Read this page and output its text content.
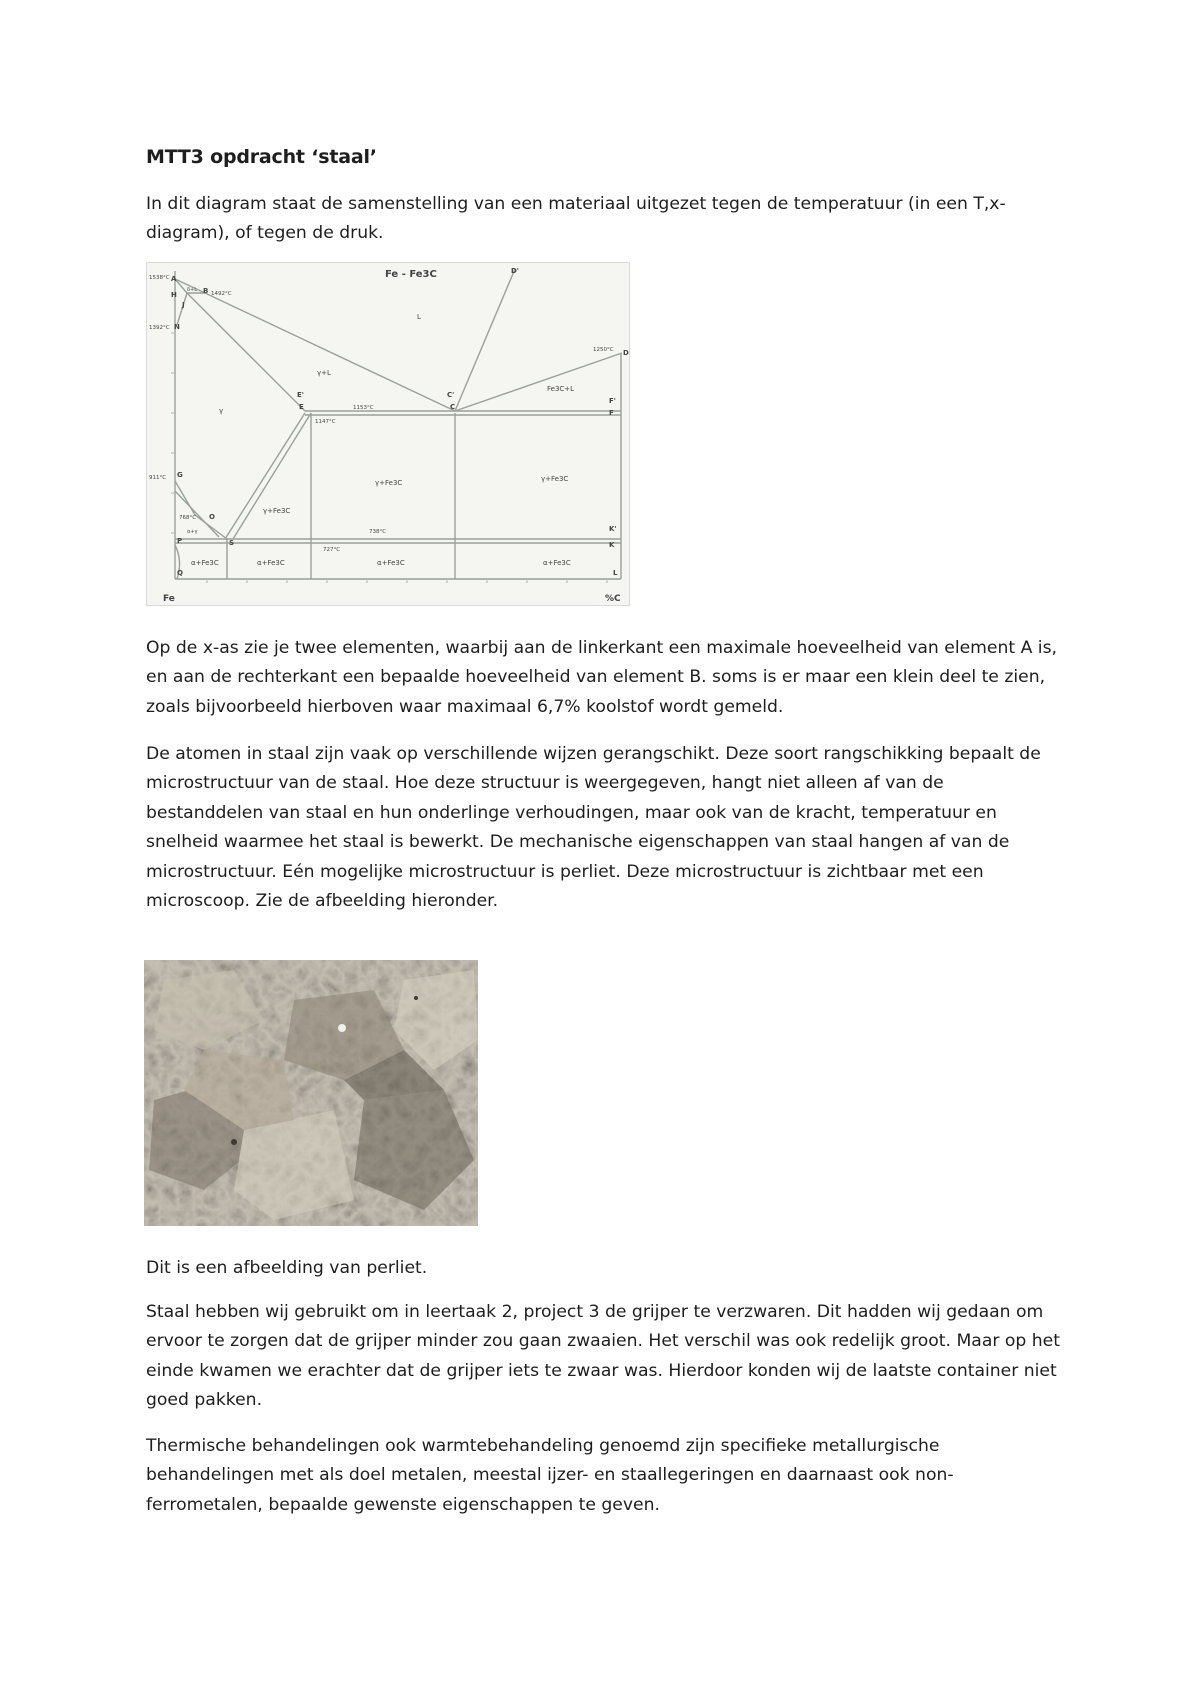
MTT3 opdracht ‘staal’
In dit diagram staat de samenstelling van een materiaal uitgezet tegen de temperatuur (in een T,x-diagram), of tegen de druk.
Fe - Fe3C
Fe	%C
A
B
H
J
N
E'
E
C'
C
D
D'
F'
F
G
O
P	S
K'
K
Q	L
1538°C
1492°C
1392°C
1153°C
1147°C
1250°C
911°C
768°C
738°C
727°C
L
γ+L
γ
Fe3C+L
γ+Fe3C	γ+Fe3C
γ+Fe3C
α+Fe3C	α+Fe3C	α+Fe3C	α+Fe3C
δ+L
α+γ
Op de x-as zie je twee elementen, waarbij aan de linkerkant een maximale hoeveelheid van element A is, en aan de rechterkant een bepaalde hoeveelheid van element B. soms is er maar een klein deel te zien, zoals bijvoorbeeld hierboven waar maximaal 6,7% koolstof wordt gemeld.
De atomen in staal zijn vaak op verschillende wijzen gerangschikt. Deze soort rangschikking bepaalt de microstructuur van de staal. Hoe deze structuur is weergegeven, hangt niet alleen af van de bestanddelen van staal en hun onderlinge verhoudingen, maar ook van de kracht, temperatuur en snelheid waarmee het staal is bewerkt. De mechanische eigenschappen van staal hangen af van de microstructuur. Eén mogelijke microstructuur is perliet. Deze microstructuur is zichtbaar met een microscoop. Zie de afbeelding hieronder.
Dit is een afbeelding van perliet.
Staal hebben wij gebruikt om in leertaak 2, project 3 de grijper te verzwaren. Dit hadden wij gedaan om ervoor te zorgen dat de grijper minder zou gaan zwaaien. Het verschil was ook redelijk groot. Maar op het einde kwamen we erachter dat de grijper iets te zwaar was. Hierdoor konden wij de laatste container niet goed pakken.
Thermische behandelingen ook warmtebehandeling genoemd zijn specifieke metallurgische behandelingen met als doel metalen, meestal ijzer- en staallegeringen en daarnaast ook non-ferrometalen, bepaalde gewenste eigenschappen te geven.
